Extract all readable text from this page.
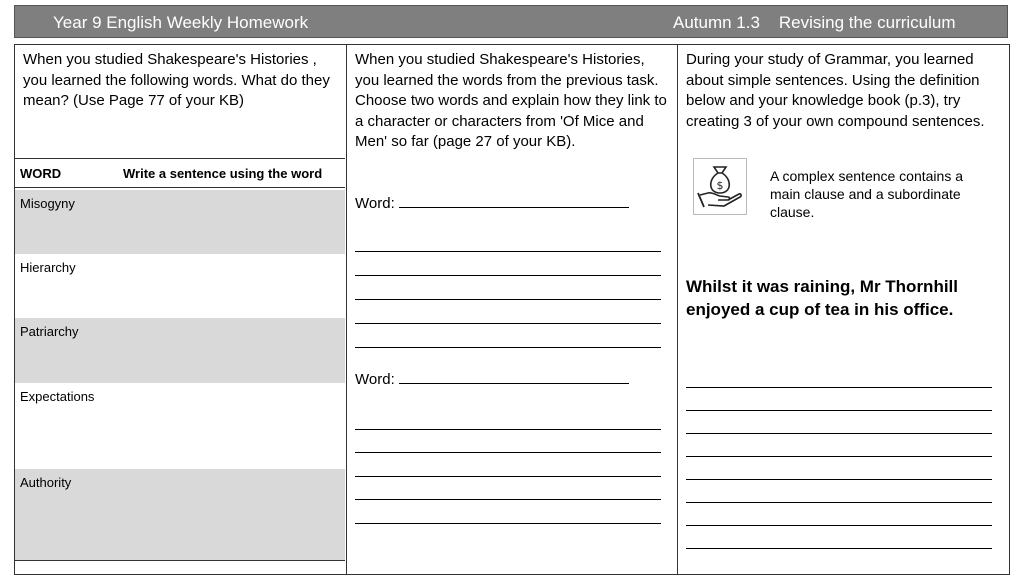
Year 9 English Weekly Homework	Autumn 1.3    Revising the curriculum
When you studied Shakespeare's Histories , you learned the following words. What do they mean? (Use Page 77 of your KB)
WORD	Write a sentence using the word
Misogyny
Hierarchy
Patriarchy
Expectations
Authority
When you studied Shakespeare's Histories, you learned the words from the previous task. Choose two words and explain how they link to a character or characters from 'Of Mice and Men' so far (page 27 of your KB).
Word:
Word:
During your study of Grammar, you learned about simple sentences. Using the definition below and your knowledge book (p.3), try creating 3 of your own compound sentences.
$
A complex sentence contains a main clause and a subordinate clause.
Whilst it was raining, Mr Thornhill enjoyed a cup of tea in his office.
